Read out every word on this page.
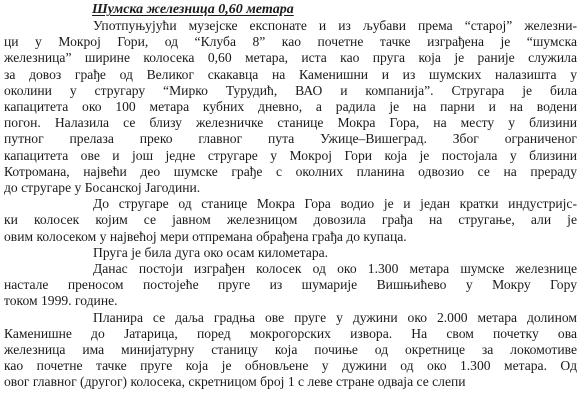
Шумска железница 0,60 метара
Употпуњујући музејске експонате и из љубави према “старој” железни-
ци у Мокрој Гори, од “Клуба 8” као почетне тачке изграђена је “шумска
железница” ширине колосека 0,60 метара, иста као пруга која је раније служила
за довоз грађе од Великог скакавца на Каменишни и из шумских налазишта у
околини у стругару “Мирко Турудић, ВАО и компанија”. Стругара је била
капацитета око 100 метара кубних дневно, а радила је на парни и на водени
погон. Налазила се близу железничке станице Мокра Гора, на месту у близини
путног прелаза преко главног пута Ужице–Вишеград. Због ограниченог
капацитета ове и још једне стругаре у Мокрој Гори која је постојала у близини
Котромана, највећи део шумске грађе с околних планина одвозио се на прераду
до стругаре у Босанској Јагодини.
До стругаре од станице Мокра Гора водио је и један кратки индустријс-
ки колосек којим се јавном железницом довозила грађа на стругање, али је
овим колосеком у највећој мери отпремана обрађена грађа до купаца.
Пруга је била дуга око осам километара.
Данас постоји изграђен колосек од око 1.300 метара шумске железнице
настале преносом постојеће пруге из шумарије Вишњићево у Мокру Гору
током 1999. године.
Планира се даља градња ове пруге у дужини око 2.000 метара долином
Каменишне до Јатарица, поред мокрогорских извора. На свом почетку ова
железница има минијатурну станицу која почиње од окретнице за локомотиве
као почетне тачке пруге која је обновљене у дужини од око 1.300 метара. Од
овог главног (другог) колосека, скретницом број 1 с леве стране одваја се слепи
